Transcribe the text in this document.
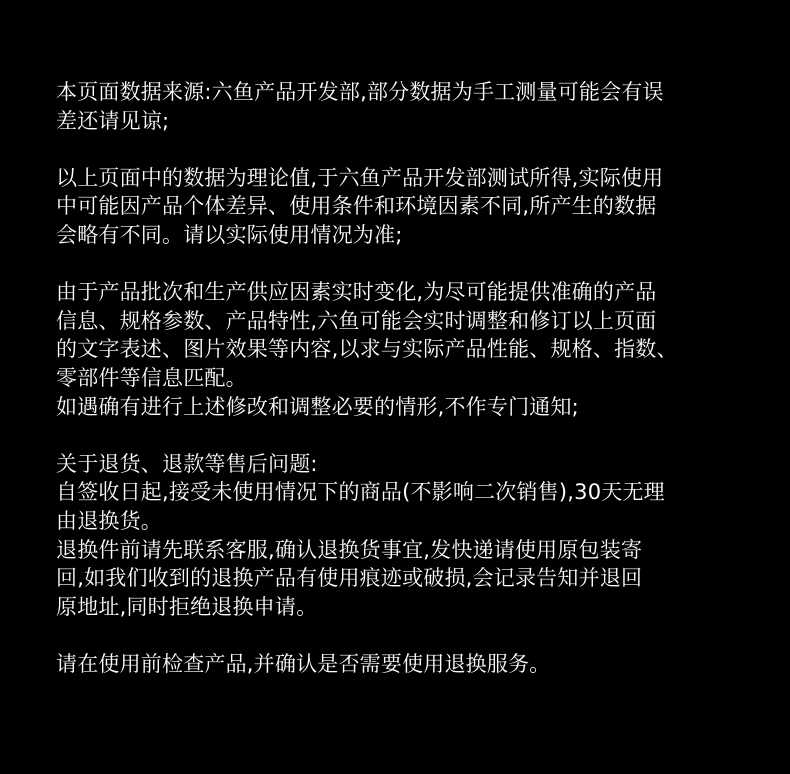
本页面数据来源:六鱼产品开发部,部分数据为手工测量可能会有误
差还请见谅;

以上页面中的数据为理论值,于六鱼产品开发部测试所得,实际使用
中可能因产品个体差异、使用条件和环境因素不同,所产生的数据
会略有不同。请以实际使用情况为准;

由于产品批次和生产供应因素实时变化,为尽可能提供准确的产品
信息、规格参数、产品特性,六鱼可能会实时调整和修订以上页面
的文字表述、图片效果等内容,以求与实际产品性能、规格、指数、
零部件等信息匹配。
如遇确有进行上述修改和调整必要的情形,不作专门通知;

关于退货、退款等售后问题:
自签收日起,接受未使用情况下的商品(不影响二次销售),30天无理
由退换货。
退换件前请先联系客服,确认退换货事宜,发快递请使用原包装寄
回,如我们收到的退换产品有使用痕迹或破损,会记录告知并退回
原地址,同时拒绝退换申请。

请在使用前检查产品,并确认是否需要使用退换服务。
